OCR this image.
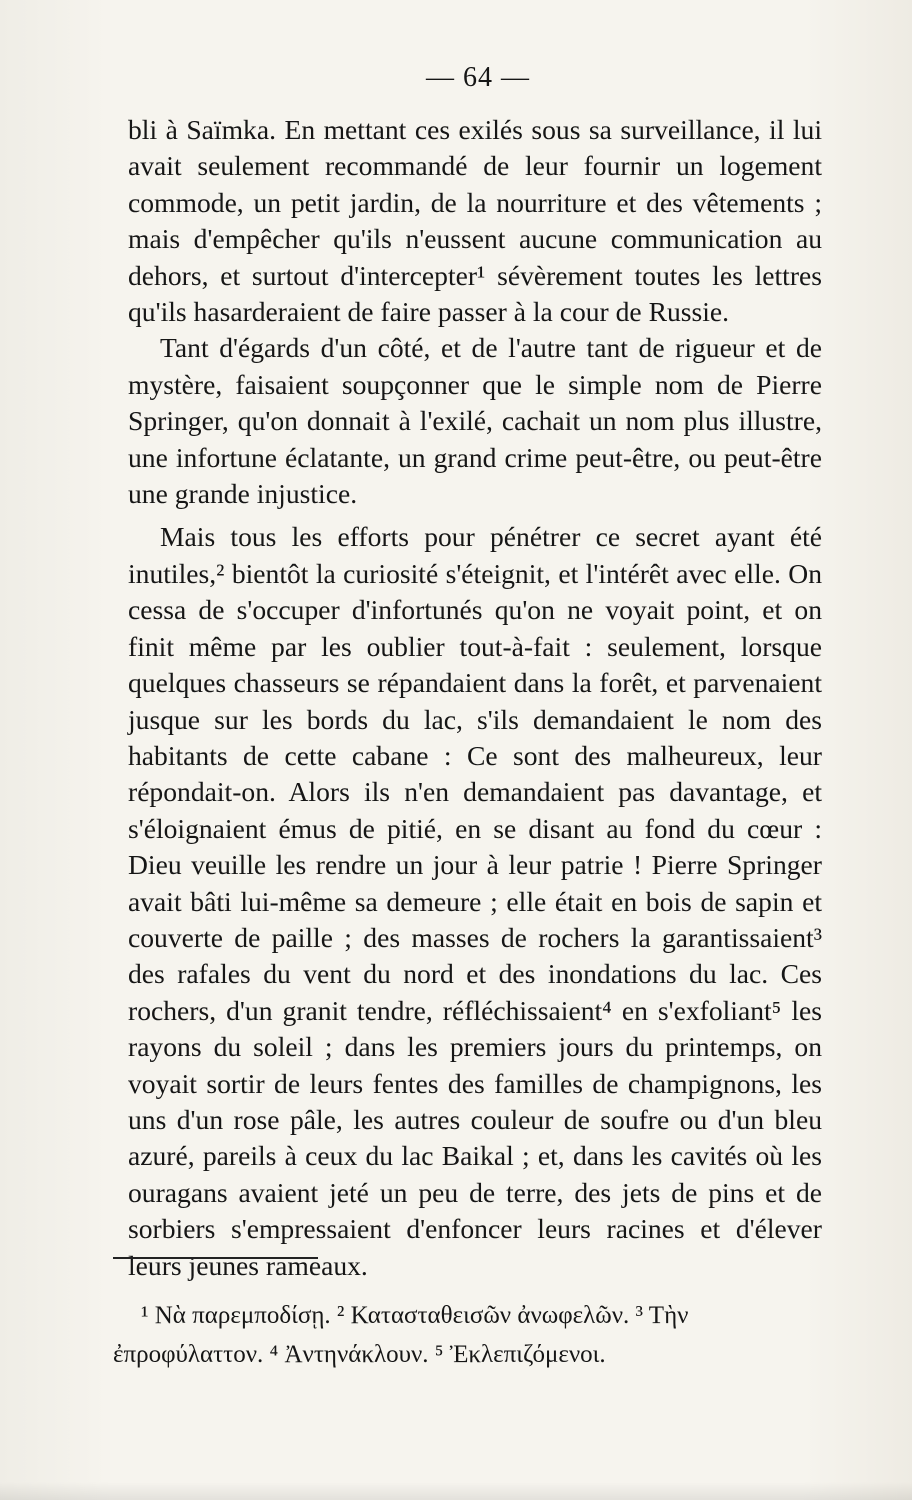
— 64 —

bli à Saïmka. En mettant ces exilés sous sa surveillance, il lui avait seulement recommandé de leur fournir un logement commode, un petit jardin, de la nourriture et des vêtements ; mais d'empêcher qu'ils n'eussent aucune communication au dehors, et surtout d'intercepter¹ sévèrement toutes les lettres qu'ils hasarderaient de faire passer à la cour de Russie.

Tant d'égards d'un côté, et de l'autre tant de rigueur et de mystère, faisaient soupçonner que le simple nom de Pierre Springer, qu'on donnait à l'exilé, cachait un nom plus illustre, une infortune éclatante, un grand crime peut-être, ou peut-être une grande injustice.

Mais tous les efforts pour pénétrer ce secret ayant été inutiles,² bientôt la curiosité s'éteignit, et l'intérêt avec elle. On cessa de s'occuper d'infortunés qu'on ne voyait point, et on finit même par les oublier tout-à-fait : seulement, lorsque quelques chasseurs se répandaient dans la forêt, et parvenaient jusque sur les bords du lac, s'ils demandaient le nom des habitants de cette cabane : Ce sont des malheureux, leur répondait-on. Alors ils n'en demandaient pas davantage, et s'éloignaient émus de pitié, en se disant au fond du cœur : Dieu veuille les rendre un jour à leur patrie ! Pierre Springer avait bâti lui-même sa demeure ; elle était en bois de sapin et couverte de paille ; des masses de rochers la garantissaient³ des rafales du vent du nord et des inondations du lac. Ces rochers, d'un granit tendre, réfléchissaient⁴ en s'exfoliant⁵ les rayons du soleil ; dans les premiers jours du printemps, on voyait sortir de leurs fentes des familles de champignons, les uns d'un rose pâle, les autres couleur de soufre ou d'un bleu azuré, pareils à ceux du lac Baikal ; et, dans les cavités où les ouragans avaient jeté un peu de terre, des jets de pins et de sorbiers s'empressaient d'enfoncer leurs racines et d'élever leurs jeunes rameaux.

¹ Νὰ παρεμποδίσῃ. ² Κατασταθεισῶν ἀνωφελῶν. ³ Τὴν

ἐπροφύλαττον. ⁴ Ἀντηνάκλουν. ⁵ Ἐκλεπιζόμενοι.
